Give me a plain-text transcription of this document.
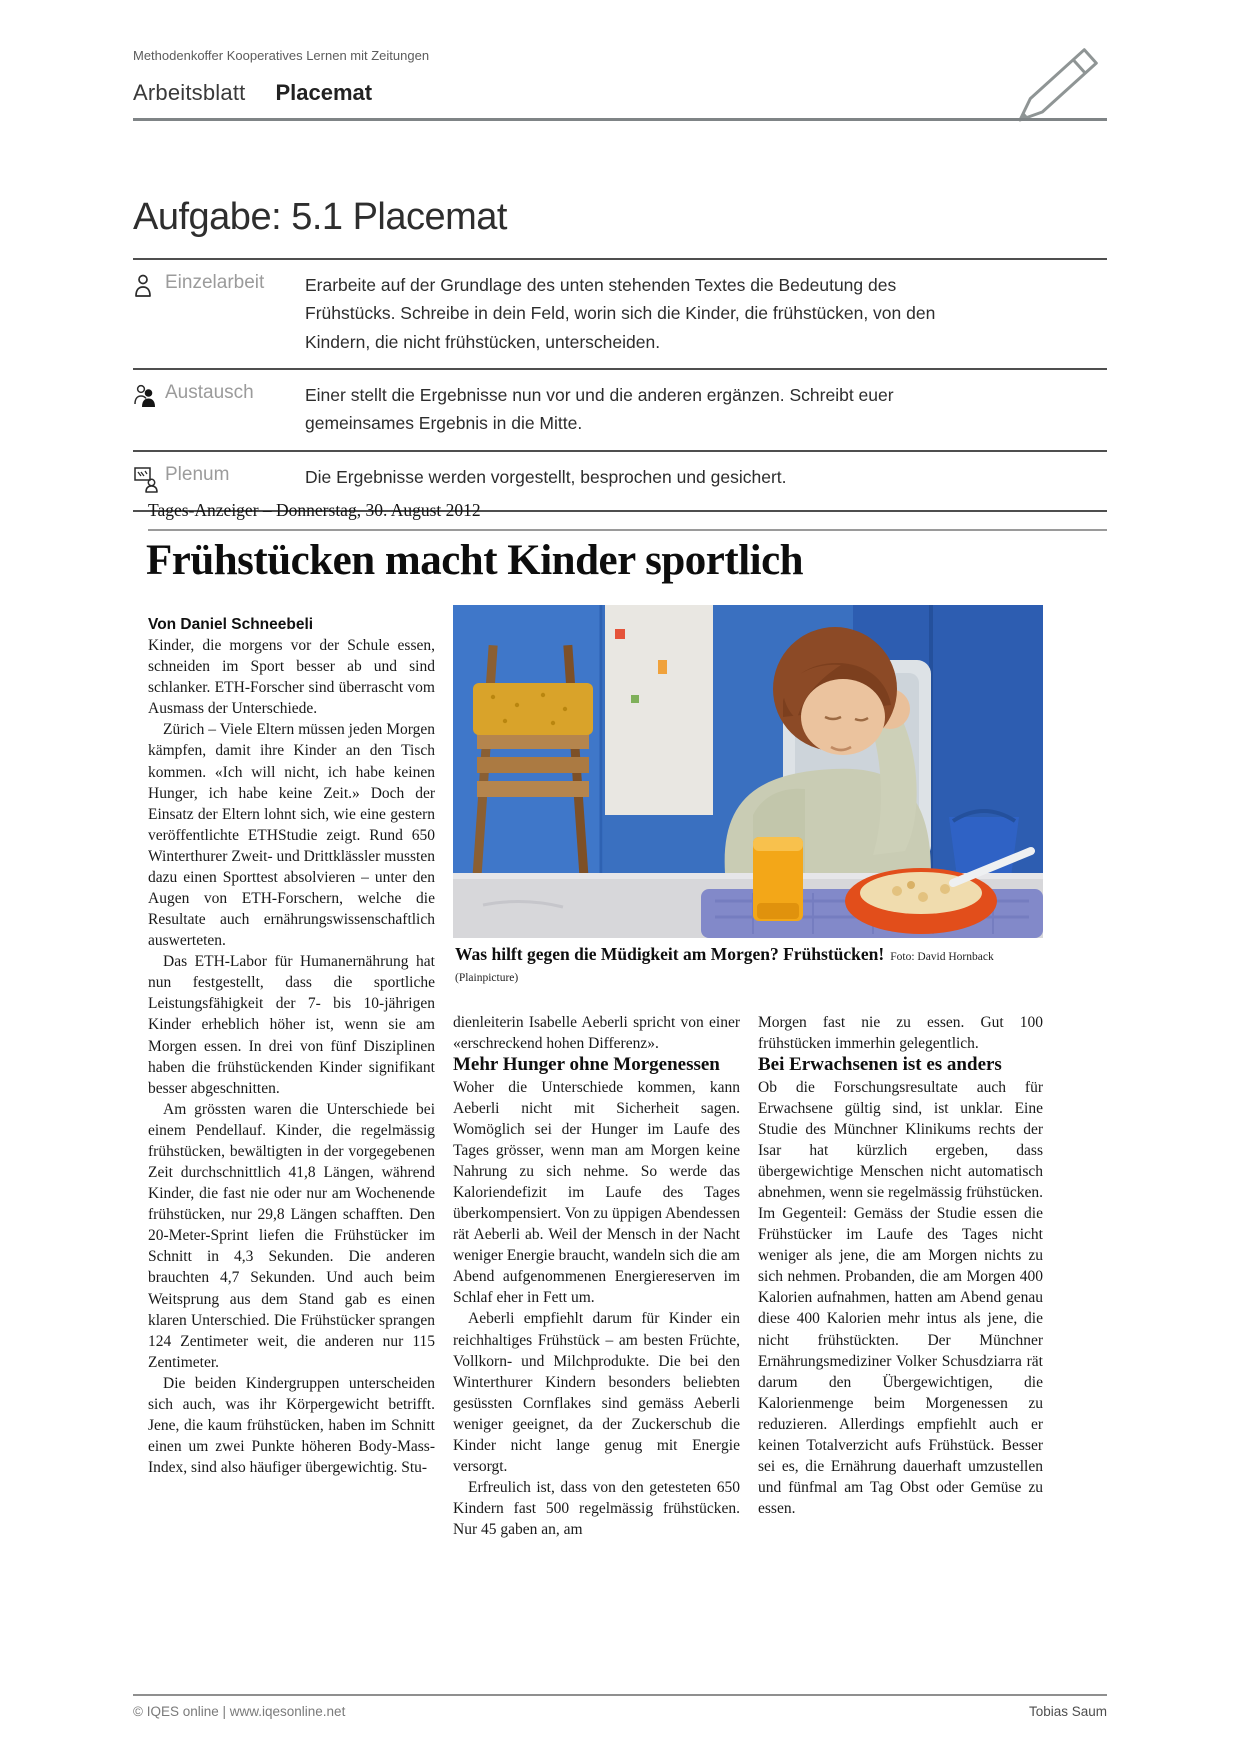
Methodenkoffer Kooperatives Lernen mit Zeitungen
Arbeitsblatt Placemat
Aufgabe: 5.1 Placemat
Einzelarbeit	Erarbeite auf der Grundlage des unten stehenden Textes die Bedeutung des Frühstücks. Schreibe in dein Feld, worin sich die Kinder, die frühstücken, von den Kindern, die nicht frühstücken, unterscheiden.
Austausch	Einer stellt die Ergebnisse nun vor und die anderen ergänzen. Schreibt euer gemeinsames Ergebnis in die Mitte.
Plenum	Die Ergebnisse werden vorgestellt, besprochen und gesichert.
Tages-Anzeiger – Donnerstag, 30. August 2012
Frühstücken macht Kinder sportlich
Was hilft gegen die Müdigkeit am Morgen? Frühstücken! Foto: David Hornback
(Plainpicture)

Von Daniel Schneebeli

Kinder, die morgens vor der Schule essen, schneiden im Sport besser ab und sind schlanker. ETH-Forscher sind überrascht vom Ausmass der Unterschiede.

Zürich – Viele Eltern müssen jeden Morgen kämpfen, damit ihre Kinder an den Tisch kommen. «Ich will nicht, ich habe keinen Hunger, ich habe keine Zeit.» Doch der Einsatz der Eltern lohnt sich, wie eine gestern veröffentlichte ETHStudie zeigt. Rund 650 Winterthurer Zweit- und Drittklässler mussten dazu einen Sporttest absolvieren – unter den Augen von ETH-Forschern, welche die Resultate auch ernährungswissenschaftlich auswerteten.

Das ETH-Labor für Humanernährung hat nun festgestellt, dass die sportliche Leistungsfähigkeit der 7- bis 10-jährigen Kinder erheblich höher ist, wenn sie am Morgen essen. In drei von fünf Disziplinen haben die frühstückenden Kinder signifikant besser abgeschnitten.

Am grössten waren die Unterschiede bei einem Pendellauf. Kinder, die regelmässig frühstücken, bewältigten in der vorgegebenen Zeit durchschnittlich 41,8 Längen, während Kinder, die fast nie oder nur am Wochenende frühstücken, nur 29,8 Längen schafften. Den 20-Meter-Sprint liefen die Frühstücker im Schnitt in 4,3 Sekunden. Die anderen brauchten 4,7 Sekunden. Und auch beim Weitsprung aus dem Stand gab es einen klaren Unterschied. Die Frühstücker sprangen 124 Zentimeter weit, die anderen nur 115 Zentimeter.

Die beiden Kindergruppen unterscheiden sich auch, was ihr Körpergewicht betrifft. Jene, die kaum frühstücken, haben im Schnitt einen um zwei Punkte höheren Body-Mass-Index, sind also häufiger übergewichtig. Stu-

dienleiterin Isabelle Aeberli spricht von einer «erschreckend hohen Differenz».

Mehr Hunger ohne Morgenessen

Woher die Unterschiede kommen, kann Aeberli nicht mit Sicherheit sagen. Womöglich sei der Hunger im Laufe des Tages grösser, wenn man am Morgen keine Nahrung zu sich nehme. So werde das Kaloriendefizit im Laufe des Tages überkompensiert. Von zu üppigen Abendessen rät Aeberli ab. Weil der Mensch in der Nacht weniger Energie braucht, wandeln sich die am Abend aufgenommenen Energiereserven im Schlaf eher in Fett um.

Aeberli empfiehlt darum für Kinder ein reichhaltiges Frühstück – am besten Früchte, Vollkorn- und Milchprodukte. Die bei den Winterthurer Kindern besonders beliebten gesüssten Cornflakes sind gemäss Aeberli weniger geeignet, da der Zuckerschub die Kinder nicht lange genug mit Energie versorgt.

Erfreulich ist, dass von den getesteten 650 Kindern fast 500 regelmässig frühstücken. Nur 45 gaben an, am

Morgen fast nie zu essen. Gut 100 frühstücken immerhin gelegentlich.

Bei Erwachsenen ist es anders

Ob die Forschungsresultate auch für Erwachsene gültig sind, ist unklar. Eine Studie des Münchner Klinikums rechts der Isar hat kürzlich ergeben, dass übergewichtige Menschen nicht automatisch abnehmen, wenn sie regelmässig frühstücken. Im Gegenteil: Gemäss der Studie essen die Frühstücker im Laufe des Tages nicht weniger als jene, die am Morgen nichts zu sich nehmen. Probanden, die am Morgen 400 Kalorien aufnahmen, hatten am Abend genau diese 400 Kalorien mehr intus als jene, die nicht frühstückten. Der Münchner Ernährungsmediziner Volker Schusdziarra rät darum den Übergewichtigen, die Kalorienmenge beim Morgenessen zu reduzieren. Allerdings empfiehlt auch er keinen Totalverzicht aufs Frühstück. Besser sei es, die Ernährung dauerhaft umzustellen und fünfmal am Tag Obst oder Gemüse zu essen.

© IQES online | www.iqesonline.net	Tobias Saum
